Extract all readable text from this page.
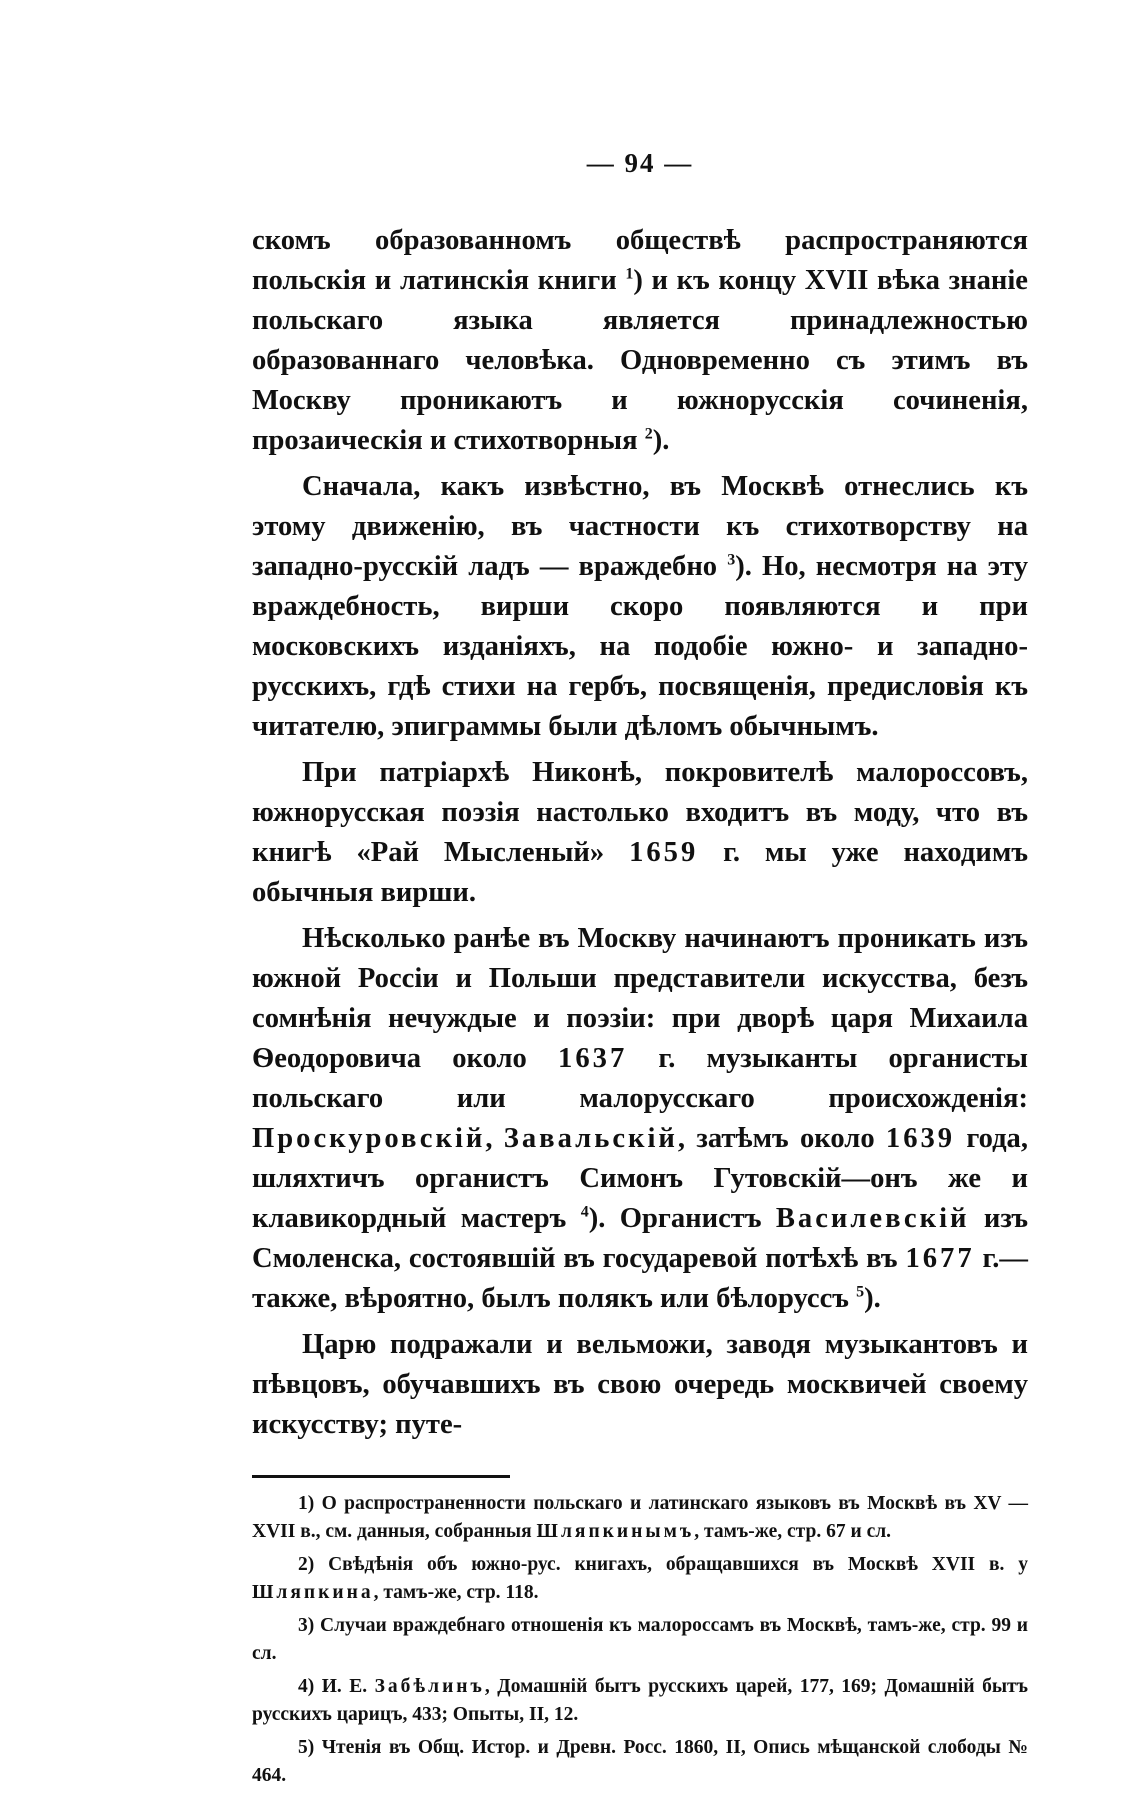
— 94 —

скомъ образованномъ обществѣ распространяются польскія и латинскія книги $^1$) и къ концу XVII вѣка знаніе польскаго языка является принадлежностью образованнаго человѣка. Одновременно съ этимъ въ Москву проникаютъ и южнорусскія сочиненія, прозаическія и стихотворныя $^2$).

Сначала, какъ извѣстно, въ Москвѣ отнеслись къ этому движенію, въ частности къ стихотворству на западно-русскій ладъ — враждебно $^3$). Но, несмотря на эту враждебность, вирши скоро появляются и при московскихъ изданіяхъ, на подобіе южно- и западно-русскихъ, гдѣ стихи на гербъ, посвященія, предисловія къ читателю, эпиграммы были дѣломъ обычнымъ.

При патріархѣ Никонѣ, покровителѣ малороссовъ, южнорусская поэзія настолько входитъ въ моду, что въ книгѣ «Рай Мысленый» 1659 г. мы уже находимъ обычныя вирши.

Нѣсколько ранѣе въ Москву начинаютъ проникать изъ южной Россіи и Польши представители искусства, безъ сомнѣнія нечуждые и поэзіи: при дворѣ царя Михаила Ѳеодоровича около 1637 г. музыканты органисты польскаго или малорусскаго происхожденія: Проскуровскій, Завальскій, затѣмъ около 1639 года, шляхтичъ органистъ Симонъ Гутовскій—онъ же и клавикордный мастеръ $^4$). Органистъ Василевскій изъ Смоленска, состоявшій въ государевой потѣхѣ въ 1677 г.—также, вѣроятно, былъ полякъ или бѣлоруссъ $^5$).

Царю подражали и вельможи, заводя музыкантовъ и пѣвцовъ, обучавшихъ въ свою очередь москвичей своему искусству; путе-

1) О распространенности польскаго и латинскаго языковъ въ Москвѣ въ XV — XVII в., см. данныя, собранныя Шляпкинымъ, тамъ-же, стр. 67 и сл.

2) Свѣдѣнія объ южно-рус. книгахъ, обращавшихся въ Москвѣ XVII в. у Шляпкина, тамъ-же, стр. 118.

3) Случаи враждебнаго отношенія къ малороссамъ въ Москвѣ, тамъ-же, стр. 99 и сл.

4) И. Е. Забѣлинъ, Домашній бытъ русскихъ царей, 177, 169; Домашній бытъ русскихъ царицъ, 433; Опыты, II, 12.

5) Чтенія въ Общ. Истор. и Древн. Росс. 1860, II, Опись мѣщанской слободы № 464.
